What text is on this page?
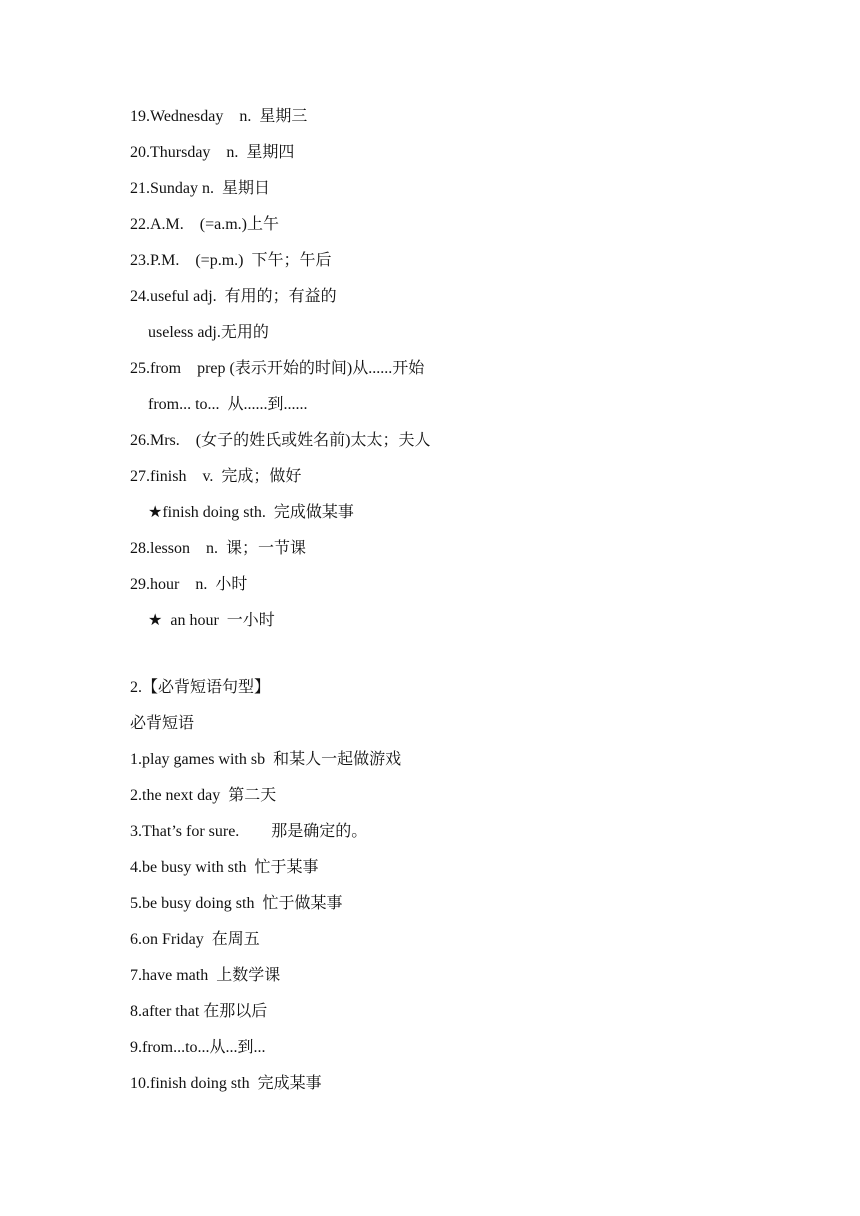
19.Wednesday    n.  星期三
20.Thursday    n.  星期四
21.Sunday n.  星期日
22.A.M.    (=a.m.)上午
23.P.M.    (=p.m.)  下午；午后
24.useful adj.  有用的；有益的
useless adj.无用的
25.from    prep (表示开始的时间)从......开始
from... to...  从......到......
26.Mrs.    (女子的姓氏或姓名前)太太；夫人
27.finish    v.  完成；做好
★finish doing sth.  完成做某事
28.lesson    n.  课；一节课
29.hour    n.  小时
★  an hour  一小时
2.【必背短语句型】
必背短语
1.play games with sb  和某人一起做游戏
2.the next day  第二天
3.That’s for sure.        那是确定的。
4.be busy with sth  忙于某事
5.be busy doing sth  忙于做某事
6.on Friday  在周五
7.have math  上数学课
8.after that 在那以后
9.from...to...从...到...
10.finish doing sth  完成某事
